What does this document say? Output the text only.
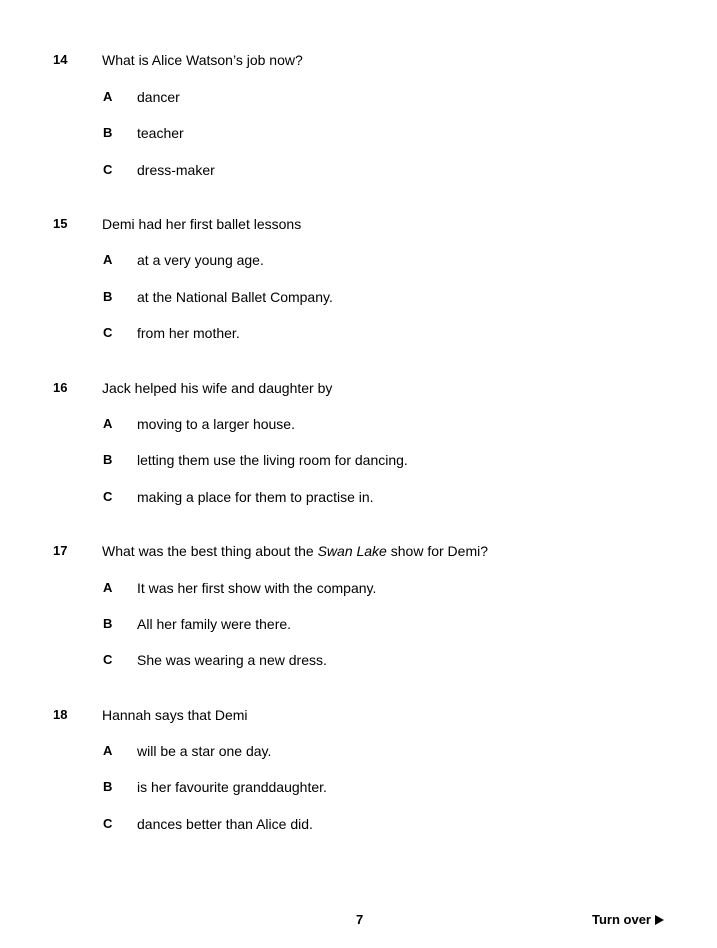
14 What is Alice Watson’s job now?
A dancer
B teacher
C dress-maker
15 Demi had her first ballet lessons
A at a very young age.
B at the National Ballet Company.
C from her mother.
16 Jack helped his wife and daughter by
A moving to a larger house.
B letting them use the living room for dancing.
C making a place for them to practise in.
17 What was the best thing about the Swan Lake show for Demi?
A It was her first show with the company.
B All her family were there.
C She was wearing a new dress.
18 Hannah says that Demi
A will be a star one day.
B is her favourite granddaughter.
C dances better than Alice did.
7	Turn over
